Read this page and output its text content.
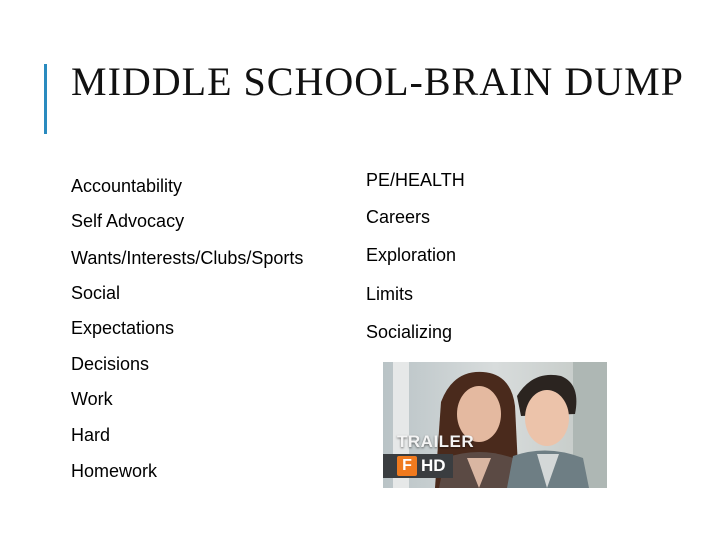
MIDDLE SCHOOL-BRAIN DUMP
Accountability
Self Advocacy
Wants/Interests/Clubs/Sports
Social
Expectations
Decisions
Work
Hard
Homework
PE/HEALTH
Careers
Exploration
Limits
Socializing
TRAILER
F HD
